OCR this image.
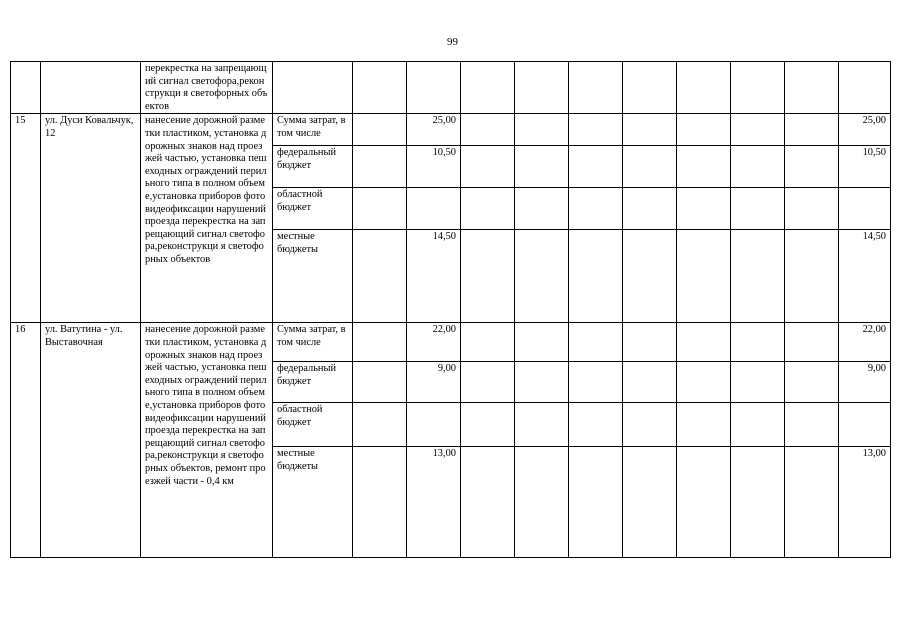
99
		перекрестка на запрещающий сигнал светофора,реконструкци я светофорных объектов											
15	ул. Дуси Ковальчук, 12	нанесение дорожной разметки пластиком, установка дорожных знаков над проезжей частью, установка пешеходных ограждений перильного типа в полном объеме,установка приборов фотовидеофиксации нарушений проезда перекрестка на запрещающий сигнал светофора,реконструкци я светофорных объектов	Сумма затрат, в том числе		25,00								25,00
			федеральный бюджет		10,50								10,50
			областной бюджет										
			местные бюджеты		14,50								14,50
16	ул. Ватутина - ул. Выставочная	нанесение дорожной разметки пластиком, установка дорожных знаков над проезжей частью, установка пешеходных ограждений перильного типа в полном объеме,установка приборов фотовидеофиксации нарушений проезда перекрестка на запрещающий сигнал светофора,реконструкци я светофорных объектов, ремонт проезжей части - 0,4 км	Сумма затрат, в том числе		22,00								22,00
			федеральный бюджет		9,00								9,00
			областной бюджет										
			местные бюджеты		13,00								13,00
